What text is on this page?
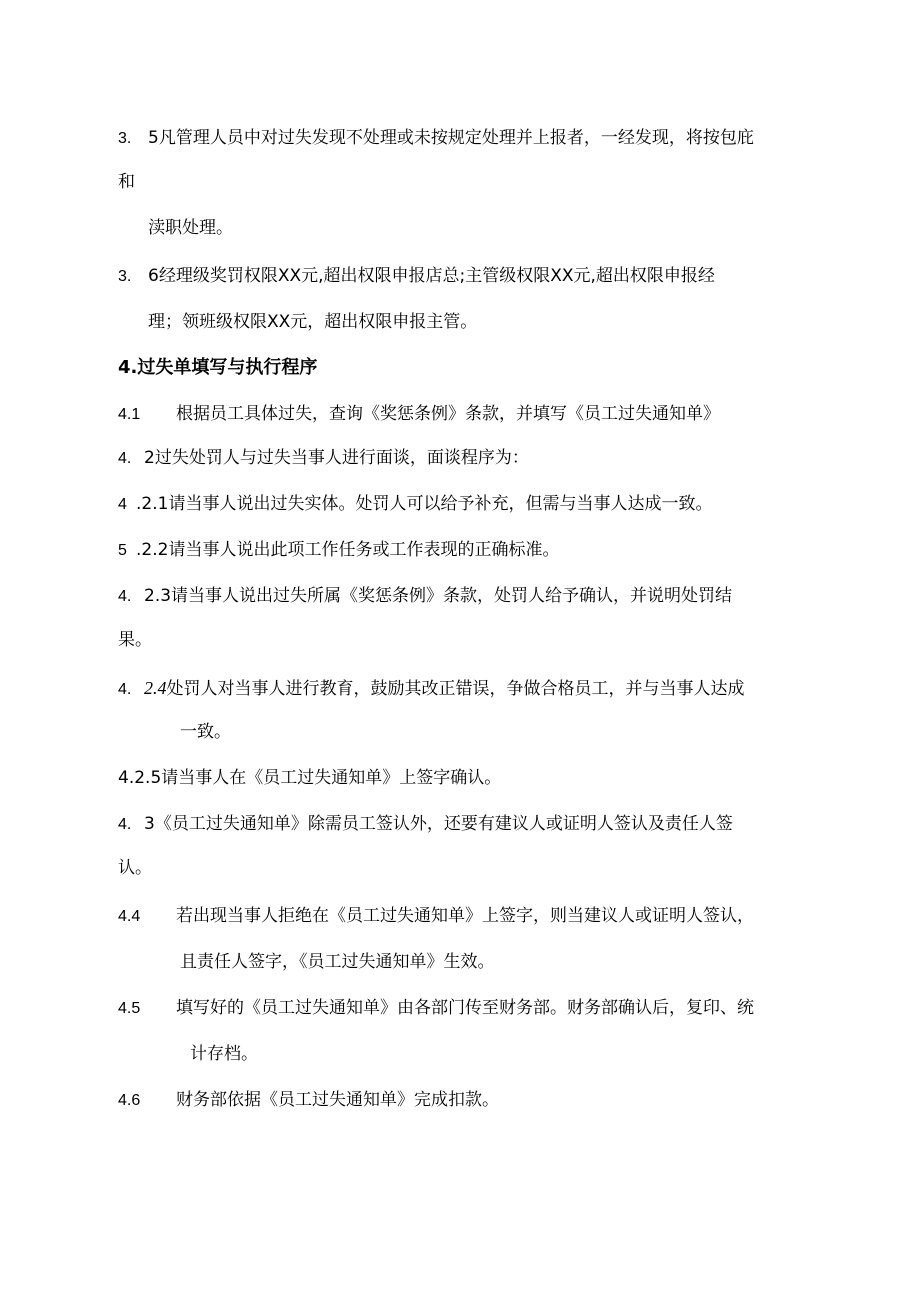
3. 5凡管理人员中对过失发现不处理或未按规定处理并上报者，一经发现，将按包庇
和
渎职处理。
3. 6经理级奖罚权限XX元,超出权限申报店总;主管级权限XX元,超出权限申报经
理；领班级权限XX元，超出权限申报主管。
4.过失单填写与执行程序
4.1 根据员工具体过失，查询《奖惩条例》条款，并填写《员工过失通知单》
4. 2过失处罚人与过失当事人进行面谈，面谈程序为：
4 .2.1请当事人说出过失实体。处罚人可以给予补充，但需与当事人达成一致。
5 .2.2请当事人说出此项工作任务或工作表现的正确标准。
4. 2.3请当事人说出过失所属《奖惩条例》条款，处罚人给予确认，并说明处罚结
果。
4. 2.4处罚人对当事人进行教育，鼓励其改正错误，争做合格员工，并与当事人达成
一致。
4.2.5请当事人在《员工过失通知单》上签字确认。
4. 3《员工过失通知单》除需员工签认外，还要有建议人或证明人签认及责任人签
认。
4.4 若出现当事人拒绝在《员工过失通知单》上签字，则当建议人或证明人签认，
且责任人签字，《员工过失通知单》生效。
4.5 填写好的《员工过失通知单》由各部门传至财务部。财务部确认后，复印、统
计存档。
4.6 财务部依据《员工过失通知单》完成扣款。
